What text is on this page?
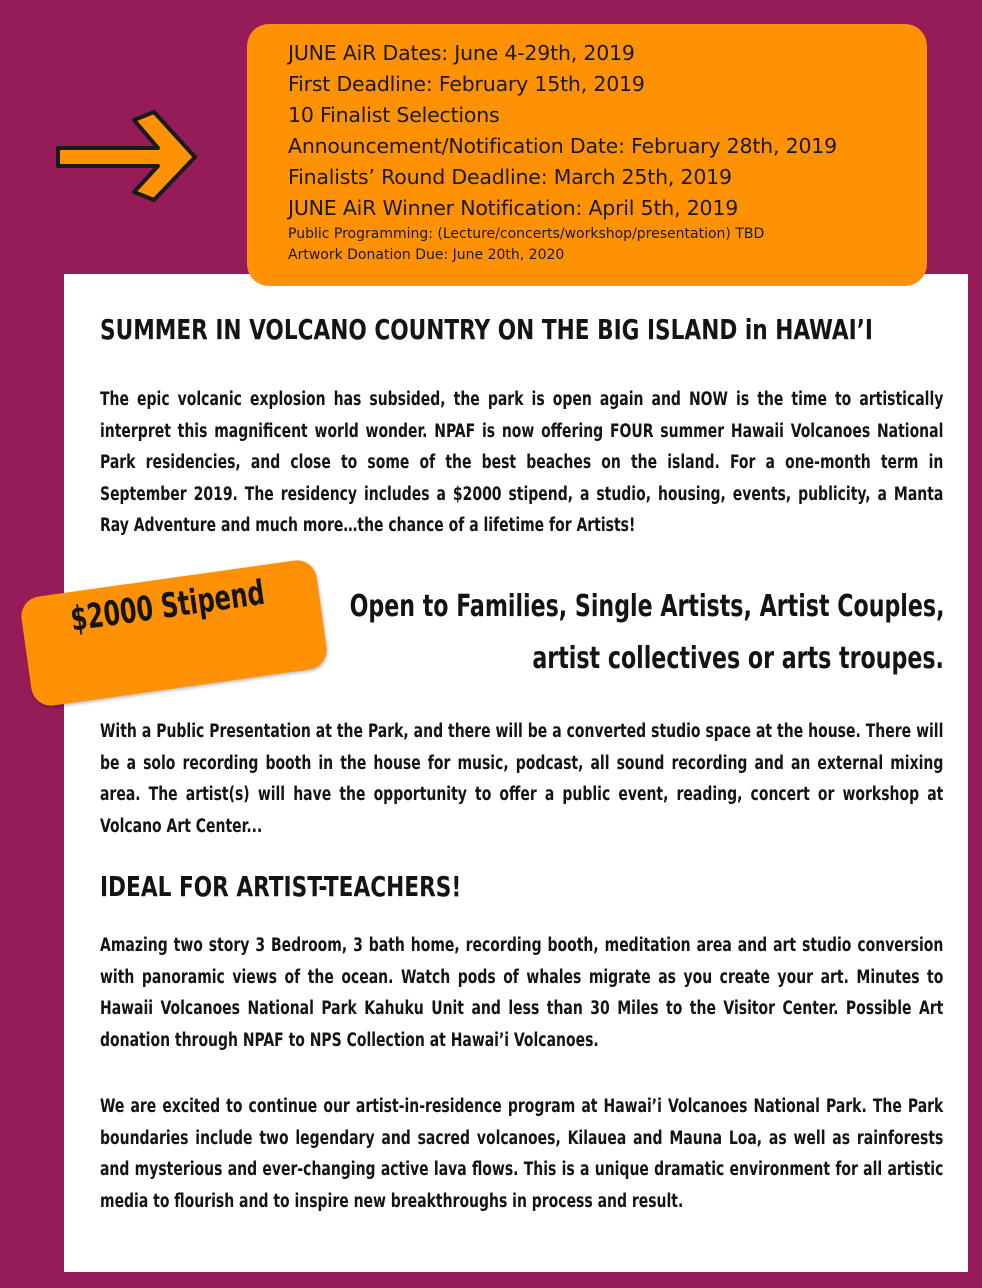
JUNE AiR Dates: June 4-29th, 2019
First Deadline: February 15th, 2019
10 Finalist Selections
Announcement/Notification Date: February 28th, 2019
Finalists’ Round Deadline: March 25th, 2019
JUNE AiR Winner Notification: April 5th, 2019
Public Programming: (Lecture/concerts/workshop/presentation) TBD
Artwork Donation Due: June 20th, 2020
SUMMER IN VOLCANO COUNTRY ON THE BIG ISLAND in HAWAI’I
The epic volcanic explosion has subsided, the park is open again and NOW is the time to artistically interpret this magnificent world wonder. NPAF is now offering FOUR summer Hawaii Volcanoes National Park residencies, and close to some of the best beaches on the island. For a one-month term in September 2019. The residency includes a $2000 stipend, a studio, housing, events, publicity, a Manta Ray Adventure and much more…the chance of a lifetime for Artists!
$2000 Stipend	Open to Families, Single Artists, Artist Couples,
artist collectives or arts troupes.
With a Public Presentation at the Park, and there will be a converted studio space at the house. There will be a solo recording booth in the house for music, podcast, all sound recording and an external mixing area. The artist(s) will have the opportunity to offer a public event, reading, concert or workshop at Volcano Art Center...
IDEAL FOR ARTIST-TEACHERS!
Amazing two story 3 Bedroom, 3 bath home, recording booth, meditation area and art studio conversion with panoramic views of the ocean. Watch pods of whales migrate as you create your art. Minutes to Hawaii Volcanoes National Park Kahuku Unit and less than 30 Miles to the Visitor Center. Possible Art donation through NPAF to NPS Collection at Hawai’i Volcanoes.
We are excited to continue our artist-in-residence program at Hawai’i Volcanoes National Park. The Park boundaries include two legendary and sacred volcanoes, Kilauea and Mauna Loa, as well as rainforests and mysterious and ever-changing active lava flows. This is a unique dramatic environment for all artistic media to flourish and to inspire new breakthroughs in process and result.
